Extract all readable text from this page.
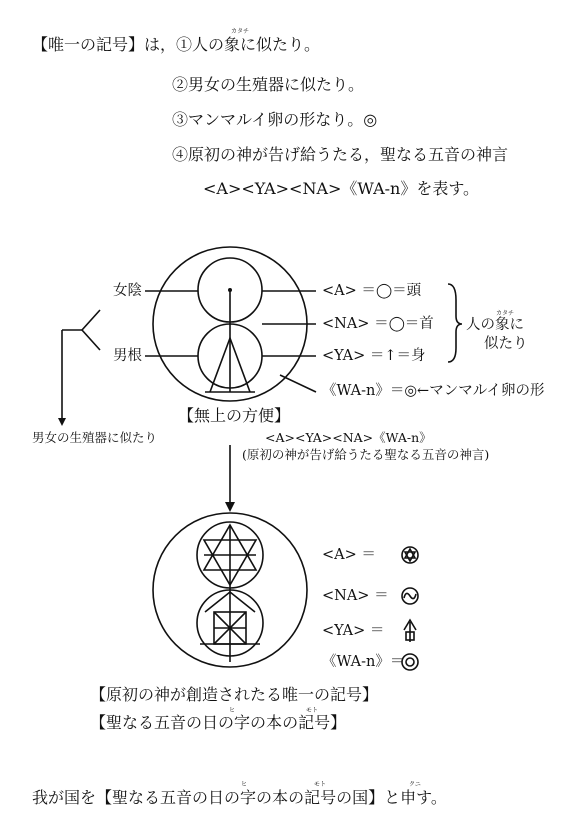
【唯一の記号】は，①人の象に似たり。
カタチ
②男女の生殖器に似たり。
③マンマルイ卵の形なり。◎
④原初の神が告げ給うたる，聖なる五音の神言
<A><YA><NA>《WA-n》を表す。
女陰
男根
<A> ＝◯＝頭
<NA> ＝◯＝首
<YA> ＝↑＝身
人の象に
カタチ
似たり
《WA-n》＝◎←マンマルイ卵の形
【無上の方便】
男女の生殖器に似たり	<A><YA><NA>《WA-n》
(原初の神が告げ給うたる聖なる五音の神言)
<A> ＝
<NA> ＝
<YA> ＝
《WA-n》＝
【原初の神が創造されたる唯一の記号】
【聖なる五音の日の字の本の記号】
ヒ	モト
我が国を【聖なる五音の日の字の本の記号の国】と申す。
ヒ	モト	クニ
